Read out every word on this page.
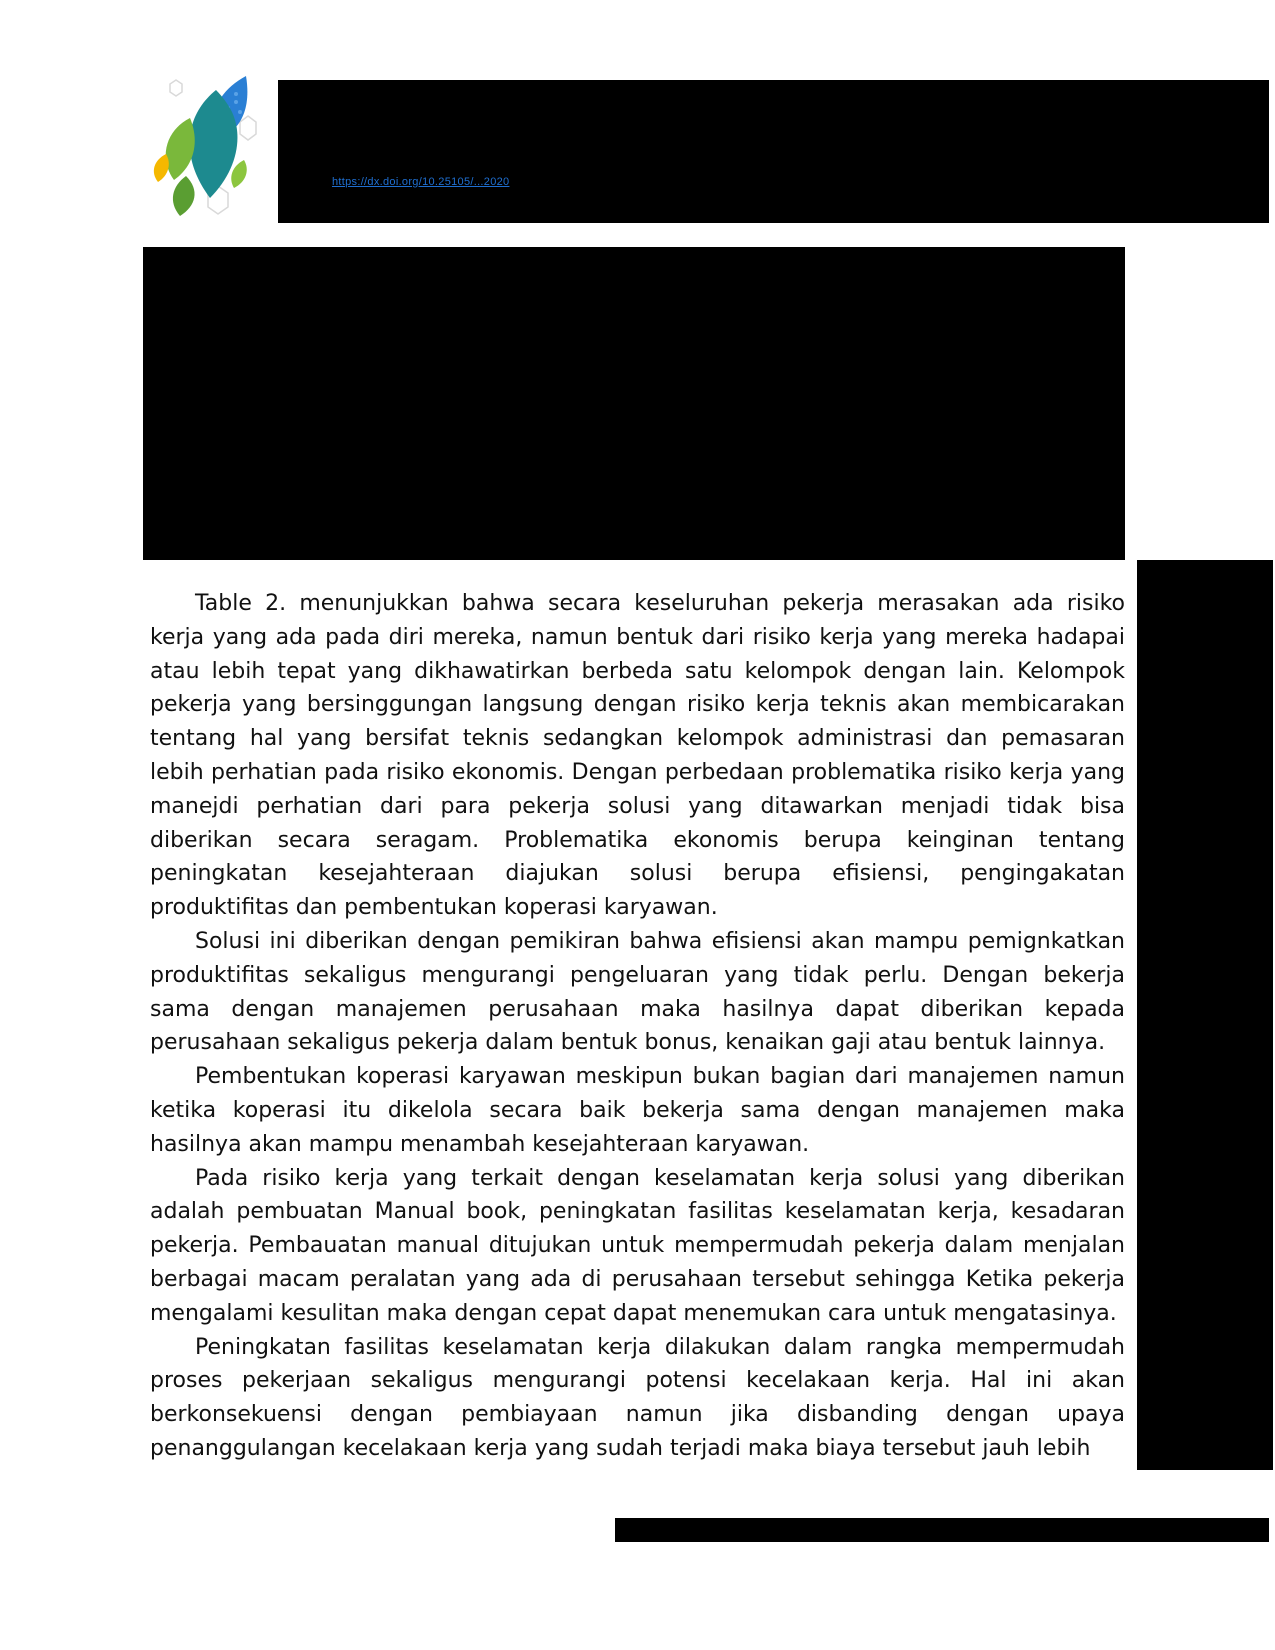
https://dx.doi.org/10.25105/...2020

Table 2. menunjukkan bahwa secara keseluruhan pekerja merasakan ada risiko kerja yang ada pada diri mereka, namun bentuk dari risiko kerja yang mereka hadapai atau lebih tepat yang dikhawatirkan berbeda satu kelompok dengan lain. Kelompok pekerja yang bersinggungan langsung dengan risiko kerja teknis akan membicarakan tentang hal yang bersifat teknis sedangkan kelompok administrasi dan pemasaran lebih perhatian pada risiko ekonomis. Dengan perbedaan problematika risiko kerja yang manejdi perhatian dari para pekerja solusi yang ditawarkan menjadi tidak bisa diberikan secara seragam. Problematika ekonomis berupa keinginan tentang peningkatan kesejahteraan diajukan solusi berupa efisiensi, pengingakatan produktifitas dan pembentukan koperasi karyawan.

Solusi ini diberikan dengan pemikiran bahwa efisiensi akan mampu pemignkatkan produktifitas sekaligus mengurangi pengeluaran yang tidak perlu. Dengan bekerja sama dengan manajemen perusahaan maka hasilnya dapat diberikan kepada perusahaan sekaligus pekerja dalam bentuk bonus, kenaikan gaji atau bentuk lainnya.

Pembentukan koperasi karyawan meskipun bukan bagian dari manajemen namun ketika koperasi itu dikelola secara baik bekerja sama dengan manajemen maka hasilnya akan mampu menambah kesejahteraan karyawan.

Pada risiko kerja yang terkait dengan keselamatan kerja solusi yang diberikan adalah pembuatan Manual book, peningkatan fasilitas keselamatan kerja, kesadaran pekerja. Pembauatan manual ditujukan untuk mempermudah pekerja dalam menjalan berbagai macam peralatan yang ada di perusahaan tersebut sehingga Ketika pekerja mengalami kesulitan maka dengan cepat dapat menemukan cara untuk mengatasinya.

Peningkatan fasilitas keselamatan kerja dilakukan dalam rangka mempermudah proses pekerjaan sekaligus mengurangi potensi kecelakaan kerja. Hal ini akan berkonsekuensi dengan pembiayaan namun jika disbanding dengan upaya penanggulangan kecelakaan kerja yang sudah terjadi maka biaya tersebut jauh lebih
